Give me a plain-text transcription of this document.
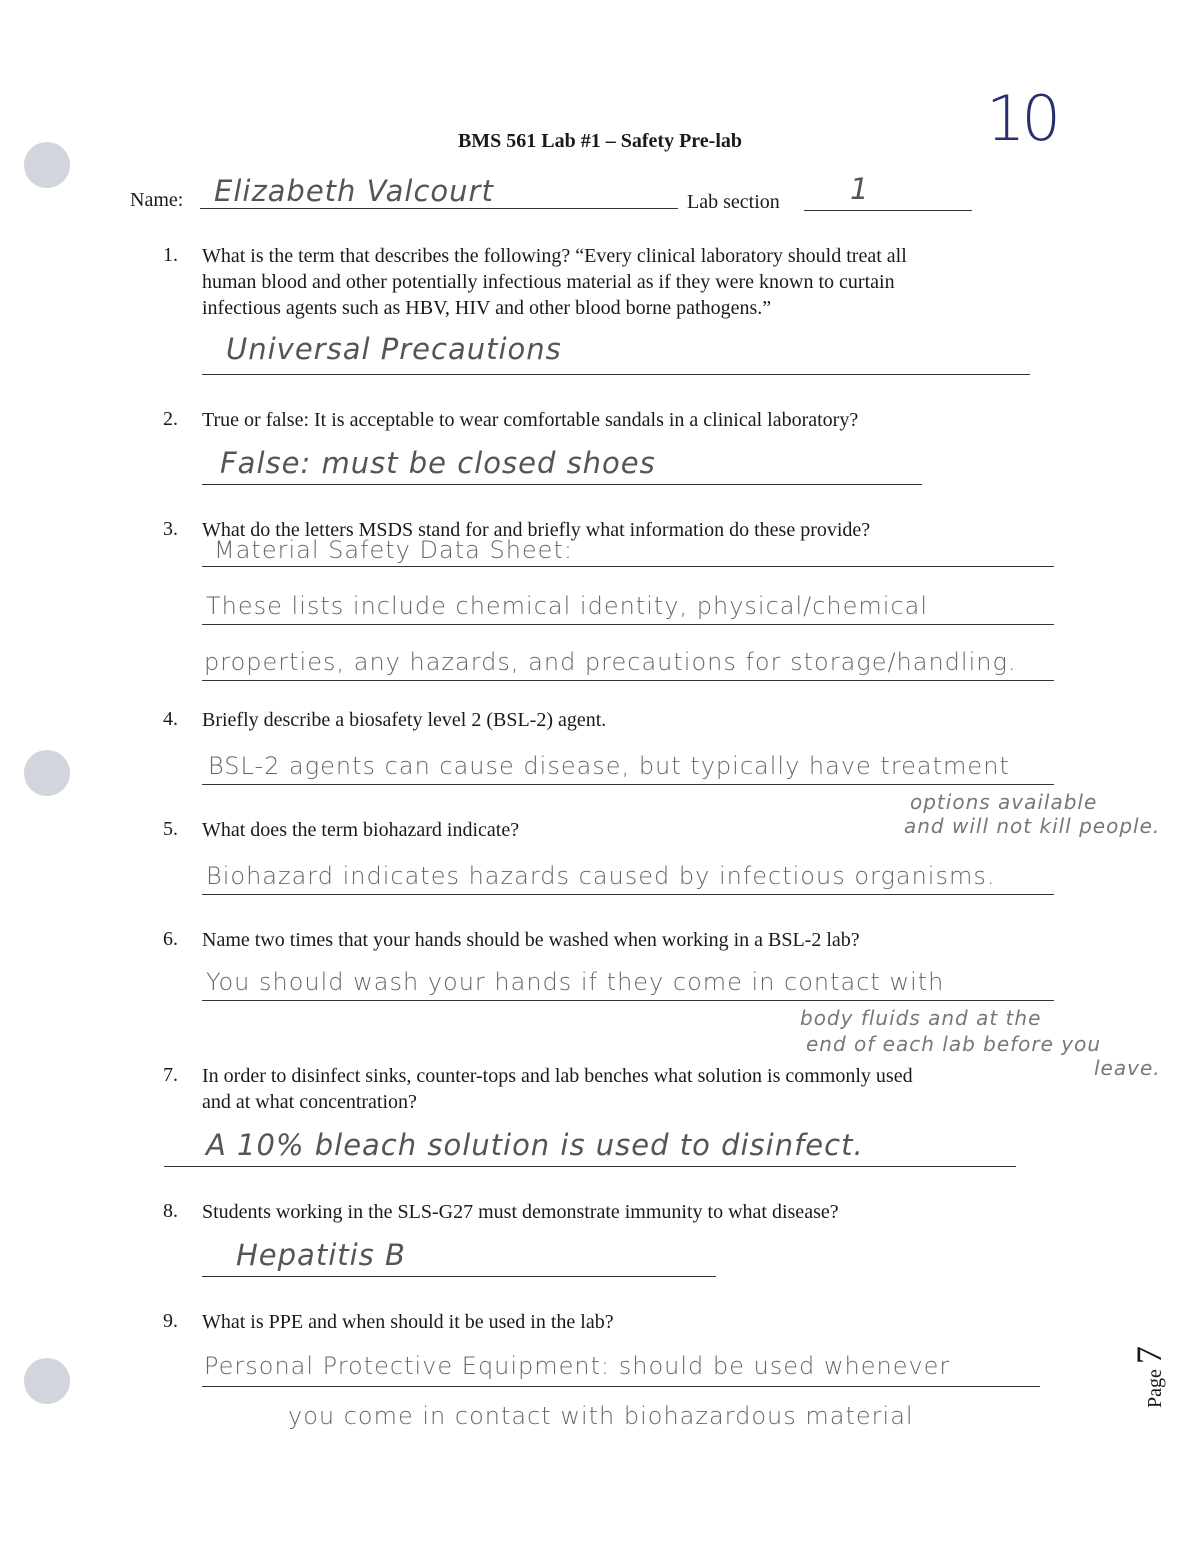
10
BMS 561 Lab #1 – Safety Pre-lab
Name: Elizabeth Valcourt	Lab section 1
1. What is the term that describes the following? “Every clinical laboratory should treat all
human blood and other potentially infectious material as if they were known to curtain
infectious agents such as HBV, HIV and other blood borne pathogens.”
Universal Precautions
2. True or false: It is acceptable to wear comfortable sandals in a clinical laboratory?
False: must be closed shoes
3. What do the letters MSDS stand for and briefly what information do these provide?
Material Safety Data Sheet:
These lists include chemical identity, physical/chemical
properties, any hazards, and precautions for storage/handling.
4. Briefly describe a biosafety level 2 (BSL-2) agent.
BSL-2 agents can cause disease, but typically have treatment
options available
and will not kill people.
5. What does the term biohazard indicate?
Biohazard indicates hazards caused by infectious organisms.
6. Name two times that your hands should be washed when working in a BSL-2 lab?
You should wash your hands if they come in contact with
body fluids and at the
end of each lab before you
leave.
7. In order to disinfect sinks, counter-tops and lab benches what solution is commonly used
and at what concentration?
A 10% bleach solution is used to disinfect.
8. Students working in the SLS-G27 must demonstrate immunity to what disease?
Hepatitis B
9. What is PPE and when should it be used in the lab?
Personal Protective Equipment: should be used whenever
you come in contact with biohazardous material
Page 7
